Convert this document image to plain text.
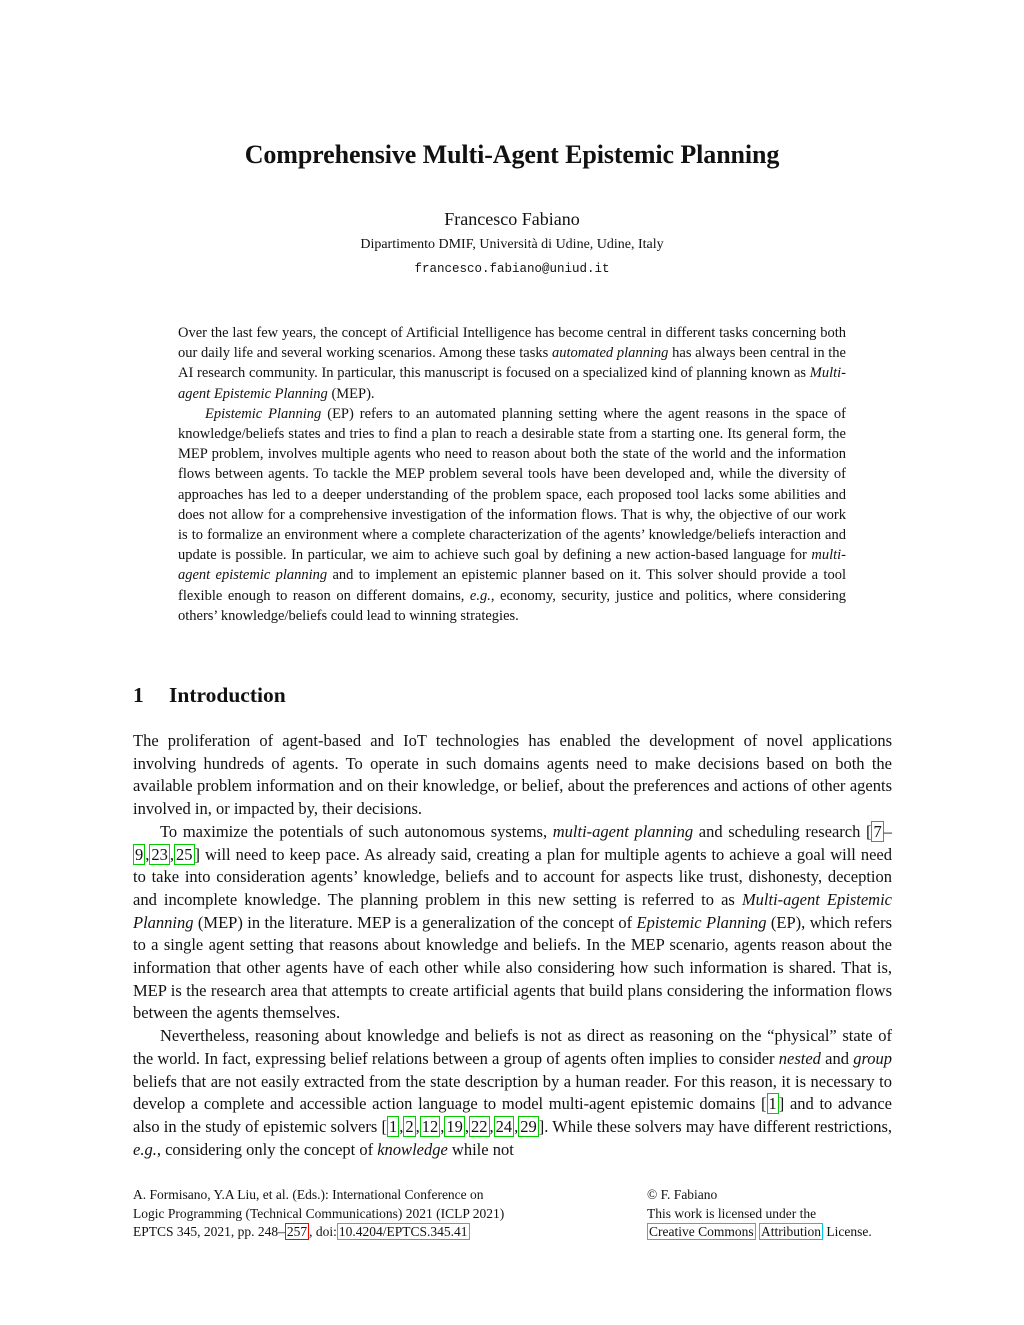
Comprehensive Multi-Agent Epistemic Planning
Francesco Fabiano
Dipartimento DMIF, Università di Udine, Udine, Italy
francesco.fabiano@uniud.it

Over the last few years, the concept of Artificial Intelligence has become central in different tasks concerning both our daily life and several working scenarios. Among these tasks automated planning has always been central in the AI research community. In particular, this manuscript is focused on a specialized kind of planning known as Multi-agent Epistemic Planning (MEP).

Epistemic Planning (EP) refers to an automated planning setting where the agent reasons in the space of knowledge/beliefs states and tries to find a plan to reach a desirable state from a starting one. Its general form, the MEP problem, involves multiple agents who need to reason about both the state of the world and the information flows between agents. To tackle the MEP problem several tools have been developed and, while the diversity of approaches has led to a deeper understanding of the problem space, each proposed tool lacks some abilities and does not allow for a comprehensive investigation of the information flows. That is why, the objective of our work is to formalize an environment where a complete characterization of the agents’ knowledge/beliefs interaction and update is possible. In particular, we aim to achieve such goal by defining a new action-based language for multi-agent epistemic planning and to implement an epistemic planner based on it. This solver should provide a tool flexible enough to reason on different domains, e.g., economy, security, justice and politics, where considering others’ knowledge/beliefs could lead to winning strategies.

1 Introduction

The proliferation of agent-based and IoT technologies has enabled the development of novel applications involving hundreds of agents. To operate in such domains agents need to make decisions based on both the available problem information and on their knowledge, or belief, about the preferences and actions of other agents involved in, or impacted by, their decisions.

To maximize the potentials of such autonomous systems, multi-agent planning and scheduling research [ 7 –9 , 23 , 25 ] will need to keep pace. As already said, creating a plan for multiple agents to achieve a goal will need to take into consideration agents’ knowledge, beliefs and to account for aspects like trust, dishonesty, deception and incomplete knowledge. The planning problem in this new setting is referred to as Multi-agent Epistemic Planning (MEP) in the literature. MEP is a generalization of the concept of Epistemic Planning (EP), which refers to a single agent setting that reasons about knowledge and beliefs. In the MEP scenario, agents reason about the information that other agents have of each other while also considering how such information is shared. That is, MEP is the research area that attempts to create artificial agents that build plans considering the information flows between the agents themselves.

Nevertheless, reasoning about knowledge and beliefs is not as direct as reasoning on the “physical” state of the world. In fact, expressing belief relations between a group of agents often implies to consider nested and group beliefs that are not easily extracted from the state description by a human reader. For this reason, it is necessary to develop a complete and accessible action language to model multi-agent epistemic domains [ 1 ] and to advance also in the study of epistemic solvers [ 1 , 2 , 12 , 19 , 22 , 24 , 29 ]. While these solvers may have different restrictions, e.g., considering only the concept of knowledge while not

A. Formisano, Y.A Liu, et al. (Eds.): International Conference on
Logic Programming (Technical Communications) 2021 (ICLP 2021)
EPTCS 345, 2021, pp. 248– 257 , doi: 10.4204/EPTCS.345.41
© F. Fabiano
This work is licensed under the
Creative Commons Attribution License.
